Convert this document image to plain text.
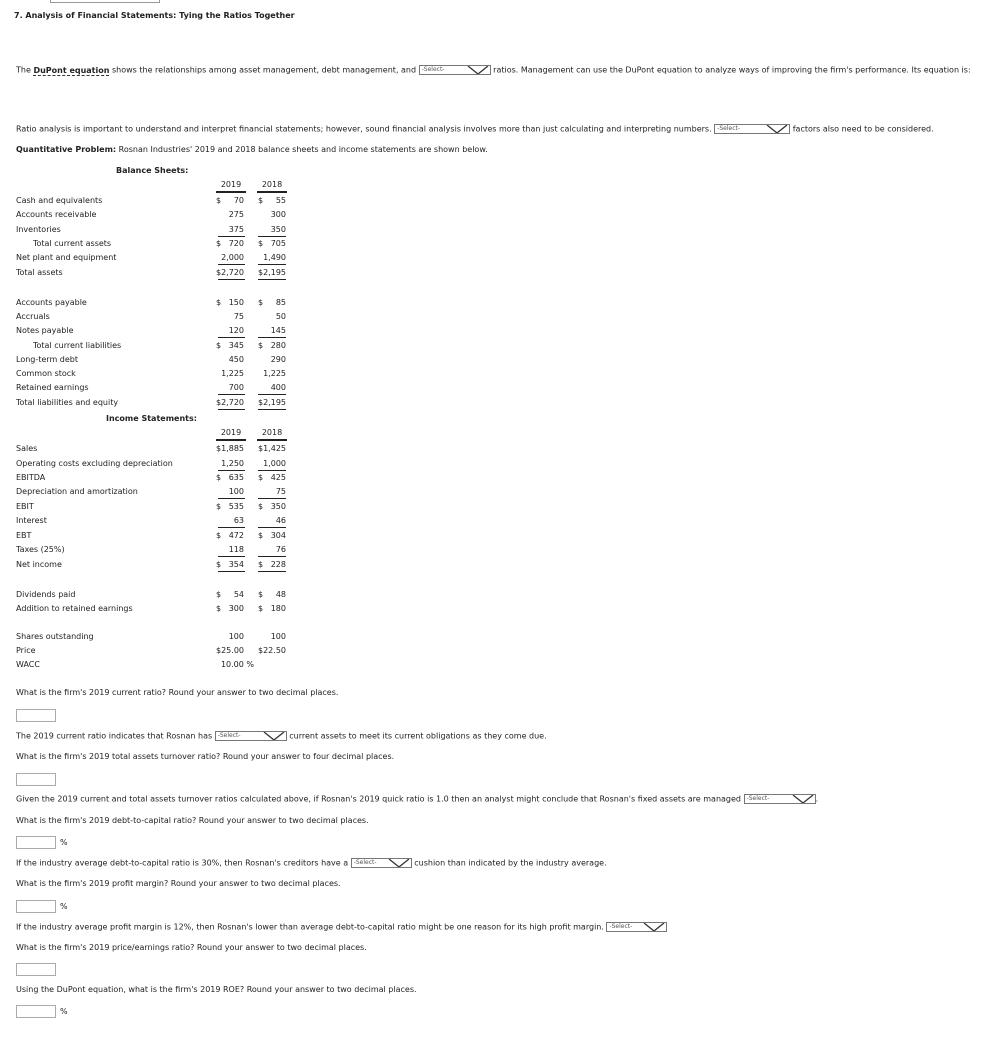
7. Analysis of Financial Statements: Tying the Ratios Together
The DuPont equation shows the relationships among asset management, debt management, and -Select-	ratios. Management can use the DuPont equation to analyze ways of improving the firm's performance. Its equation is:
Ratio analysis is important to understand and interpret financial statements; however, sound financial analysis involves more than just calculating and interpreting numbers. -Select-	factors also need to be considered.
Quantitative Problem: Rosnan Industries' 2019 and 2018 balance sheets and income statements are shown below.
Balance Sheets:
2019	2018
Cash and equivalents	$	70 $	55
Accounts receivable	275	300
Inventories	375	350
Total current assets	$ 720 $ 705
Net plant and equipment	2,000	1,490
Total assets	$2,720	$2,195
Accounts payable	$ 150 $	85
Accruals	75	50
Notes payable	120	145
Total current liabilities	$ 345 $ 280
Long-term debt	450	290
Common stock	1,225	1,225
Retained earnings	700	400
Total liabilities and equity	$2,720	$2,195
Income Statements:
2019	2018
Sales	$1,885	$1,425
Operating costs excluding depreciation	1,250	1,000
EBITDA	$ 635 $ 425
Depreciation and amortization	100	75
EBIT	$ 535 $ 350
Interest	63	46
EBT	$ 472 $ 304
Taxes (25%)	118	76
Net income	$ 354 $ 228
Dividends paid	$	54 $	48
Addition to retained earnings	$ 300 $ 180
Shares outstanding	100	100
Price	$25.00	$22.50
WACC	10.00 %
What is the firm's 2019 current ratio? Round your answer to two decimal places.
The 2019 current ratio indicates that Rosnan has -Select-	current assets to meet its current obligations as they come due.
What is the firm's 2019 total assets turnover ratio? Round your answer to four decimal places.
Given the 2019 current and total assets turnover ratios calculated above, if Rosnan's 2019 quick ratio is 1.0 then an analyst might conclude that Rosnan's fixed assets are managed -Select-	.
What is the firm's 2019 debt-to-capital ratio? Round your answer to two decimal places.
%
If the industry average debt-to-capital ratio is 30%, then Rosnan's creditors have a -Select-	cushion than indicated by the industry average.
What is the firm's 2019 profit margin? Round your answer to two decimal places.
%
If the industry average profit margin is 12%, then Rosnan's lower than average debt-to-capital ratio might be one reason for its high profit margin. -Select-
What is the firm's 2019 price/earnings ratio? Round your answer to two decimal places.
Using the DuPont equation, what is the firm's 2019 ROE? Round your answer to two decimal places.
%
